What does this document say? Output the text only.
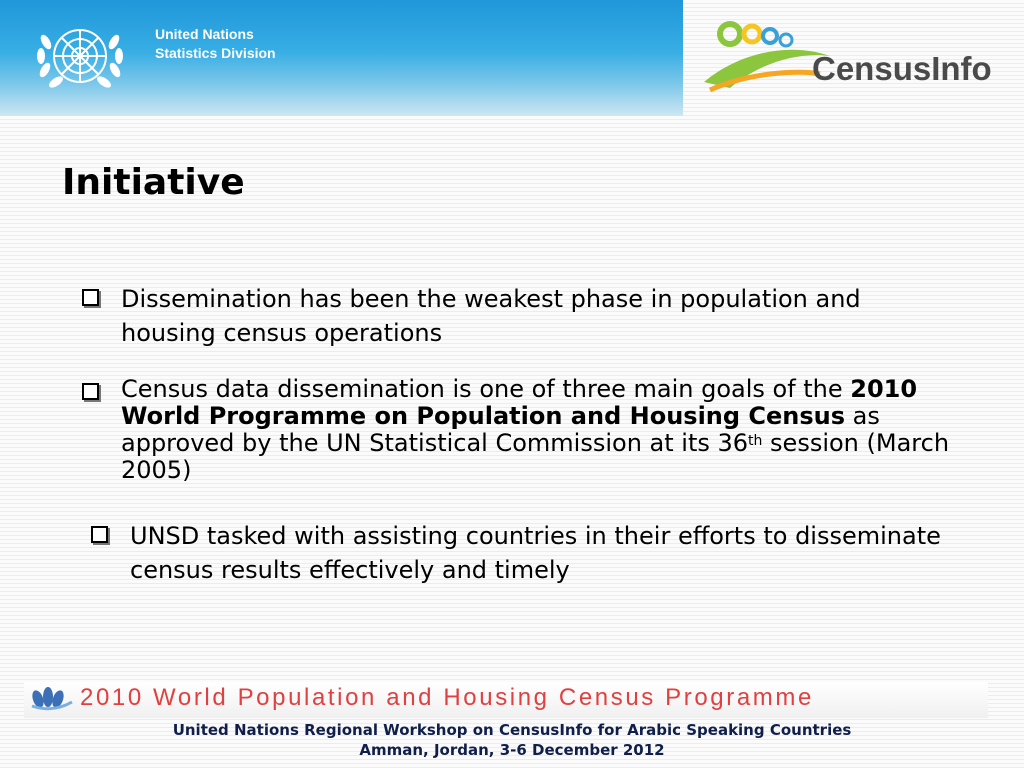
United Nations
Statistics Division	CensusInfo
Initiative
Dissemination has been the weakest phase in population and housing census operations
Census data dissemination is one of three main goals of the 2010 World Programme on Population and Housing Census as approved by the UN Statistical Commission at its 36th session (March 2005)
UNSD tasked with assisting countries in their efforts to disseminate census results effectively and timely
2010 World Population and Housing Census Programme
United Nations Regional Workshop on CensusInfo for Arabic Speaking Countries
Amman, Jordan, 3-6 December 2012
